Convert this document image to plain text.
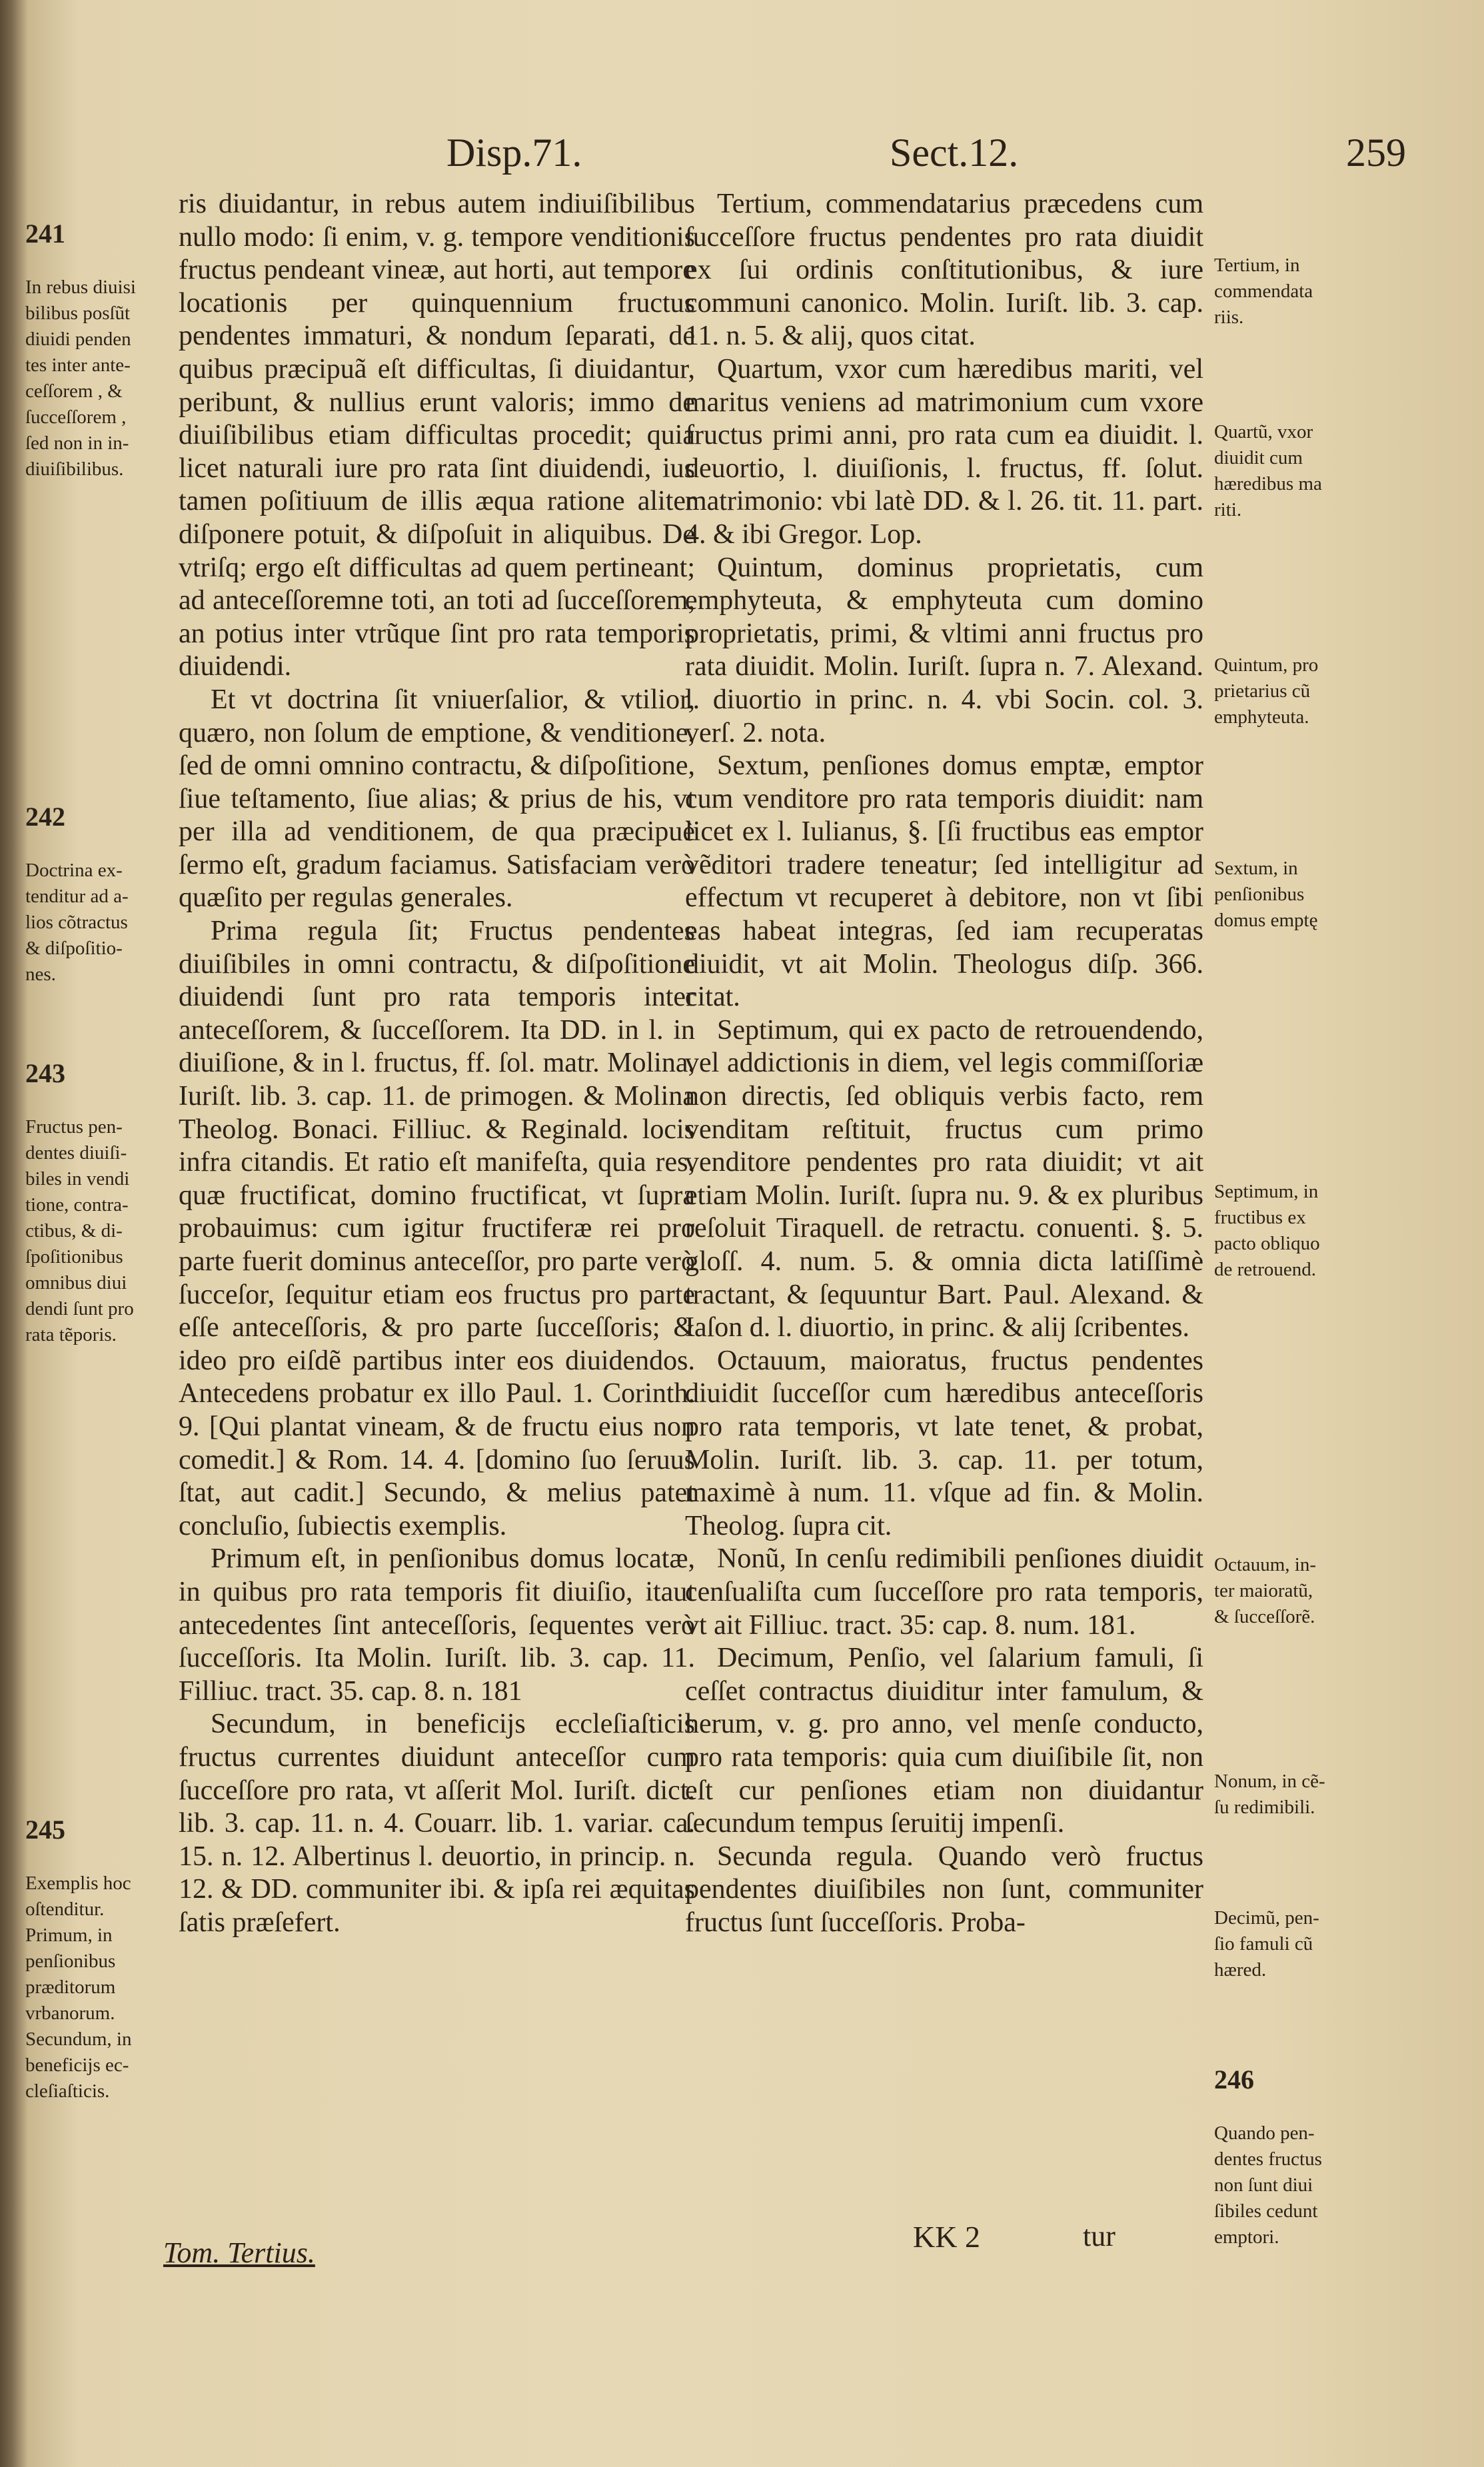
Disp.71.	Sect.12.	259

241

In rebus diuisi
bilibus posſũt
diuidi penden
tes inter ante-
ceſſorem , &
ſucceſſorem ,
ſed non in in-
diuiſibilibus.

242

Doctrina ex-
tenditur ad a-
lios cõtractus
& diſpoſitio-
nes.

243

Fructus pen-
dentes diuiſi-
biles in vendi
tione, contra-
ctibus, & di-
ſpoſitionibus
omnibus diui
dendi ſunt pro
rata tẽporis.

245

Exemplis hoc
oſtenditur.
Primum, in
penſionibus
præditorum
vrbanorum.
Secundum, in
beneficijs ec-
cleſiaſticis.

ris diuidantur, in rebus autem indiuiſibilibus nullo modo: ſi enim, v. g. tempore venditionis fructus pendeant vineæ, aut horti, aut tempore locationis per quinquennium fructus pendentes immaturi, & nondum ſeparati, de quibus præcipuã eſt difficultas, ſi diuidantur, peribunt, & nullius erunt valoris; immo de diuiſibilibus etiam difficultas procedit; quia licet naturali iure pro rata ſint diuidendi, ius tamen poſitiuum de illis æqua ratione aliter diſponere potuit, & diſpoſuit in aliquibus. De vtriſq; ergo eſt difficultas ad quem pertineant; ad anteceſſoremne toti, an toti ad ſucceſſorem, an potius inter vtrũque ſint pro rata temporis diuidendi.

Et vt doctrina ſit vniuerſalior, & vtilior, quæro, non ſolum de emptione, & venditione, ſed de omni omnino contractu, & diſpoſitione, ſiue teſtamento, ſiue alias; & prius de his, vt per illa ad venditionem, de qua præcipuè ſermo eſt, gradum faciamus. Satisfaciam verò quæſito per regulas generales.

Prima regula ſit; Fructus pendentes diuiſibiles in omni contractu, & diſpoſitione diuidendi ſunt pro rata temporis inter anteceſſorem, & ſucceſſorem. Ita DD. in l. in diuiſione, & in l. fructus, ff. ſol. matr. Molina, Iuriſt. lib. 3. cap. 11. de primogen. & Molina Theolog. Bonaci. Filliuc. & Reginald. locis infra citandis. Et ratio eſt manifeſta, quia res, quæ fructificat, domino fructificat, vt ſupra probauimus: cum igitur fructiferæ rei pro parte fuerit dominus anteceſſor, pro parte verò ſucceſor, ſequitur etiam eos fructus pro parte eſſe anteceſſoris, & pro parte ſucceſſoris; & ideo pro eiſdẽ partibus inter eos diuidendos. Antecedens probatur ex illo Paul. 1. Corinth. 9. [Qui plantat vineam, & de fructu eius non comedit.] & Rom. 14. 4. [domino ſuo ſeruus ſtat, aut cadit.] Secundo, & melius patet concluſio, ſubiectis exemplis.

Primum eſt, in penſionibus domus locatæ, in quibus pro rata temporis fit diuiſio, itaut antecedentes ſint anteceſſoris, ſequentes verò ſucceſſoris. Ita Molin. Iuriſt. lib. 3. cap. 11. Filliuc. tract. 35. cap. 8. n. 181

Secundum, in beneficijs eccleſiaſticis fructus currentes diuidunt anteceſſor cum ſucceſſore pro rata, vt aſſerit Mol. Iuriſt. dict. lib. 3. cap. 11. n. 4. Couarr. lib. 1. variar. ca. 15. n. 12. Albertinus l. deuortio, in princip. n. 12. & DD. communiter ibi. & ipſa rei æquitas ſatis præſefert.

Tertium, commendatarius præcedens cum ſucceſſore fructus pendentes pro rata diuidit ex ſui ordinis conſtitutionibus, & iure communi canonico. Molin. Iuriſt. lib. 3. cap. 11. n. 5. & alij, quos citat.

Quartum, vxor cum hæredibus mariti, vel maritus veniens ad matrimonium cum vxore fructus primi anni, pro rata cum ea diuidit. l. deuortio, l. diuiſionis, l. fructus, ff. ſolut. matrimonio: vbi latè DD. & l. 26. tit. 11. part. 4. & ibi Gregor. Lop.

Quintum, dominus proprietatis, cum emphyteuta, & emphyteuta cum domino proprietatis, primi, & vltimi anni fructus pro rata diuidit. Molin. Iuriſt. ſupra n. 7. Alexand. l. diuortio in princ. n. 4. vbi Socin. col. 3. verſ. 2. nota.

Sextum, penſiones domus emptæ, emptor cum venditore pro rata temporis diuidit: nam licet ex l. Iulianus, §. [ſi fructibus eas emptor vẽditori tradere teneatur; ſed intelligitur ad effectum vt recuperet à debitore, non vt ſibi eas habeat integras, ſed iam recuperatas diuidit, vt ait Molin. Theologus diſp. 366. citat.

Septimum, qui ex pacto de retrouendendo, vel addictionis in diem, vel legis commiſſoriæ non directis, ſed obliquis verbis facto, rem venditam reſtituit, fructus cum primo venditore pendentes pro rata diuidit; vt ait etiam Molin. Iuriſt. ſupra nu. 9. & ex pluribus reſoluit Tiraquell. de retractu. conuenti. §. 5. gloſſ. 4. num. 5. & omnia dicta latiſſimè tractant, & ſequuntur Bart. Paul. Alexand. & Iaſon d. l. diuortio, in princ. & alij ſcribentes.

Octauum, maioratus, fructus pendentes diuidit ſucceſſor cum hæredibus anteceſſoris pro rata temporis, vt late tenet, & probat, Molin. Iuriſt. lib. 3. cap. 11. per totum, maximè à num. 11. vſque ad fin. & Molin. Theolog. ſupra cit.

Nonũ, In cenſu redimibili penſiones diuidit cenſualiſta cum ſucceſſore pro rata temporis, vt ait Filliuc. tract. 35: cap. 8. num. 181.

Decimum, Penſio, vel ſalarium famuli, ſi ceſſet contractus diuiditur inter famulum, & herum, v. g. pro anno, vel menſe conducto, pro rata temporis: quia cum diuiſibile ſit, non eſt cur penſiones etiam non diuidantur ſecundum tempus ſeruitij impenſi.

Secunda regula. Quando verò fructus pendentes diuiſibiles non ſunt, communiter fructus ſunt ſucceſſoris. Proba-

Tertium, in
commendata
riis.

Quartũ, vxor
diuidit cum
hæredibus ma
riti.

Quintum, pro
prietarius cũ
emphyteuta.

Sextum, in
penſionibus
domus emptę

Septimum, in
fructibus ex
pacto obliquo
de retrouend.

Octauum, in-
ter maioratũ,
& ſucceſſorẽ.

Nonum, in cẽ-
ſu redimibili.

Decimũ, pen-
ſio famuli cũ
hæred.

246

Quando pen-
dentes fructus
non ſunt diui
ſibiles cedunt
emptori.

Tom. Tertius.	KK 2	tur
